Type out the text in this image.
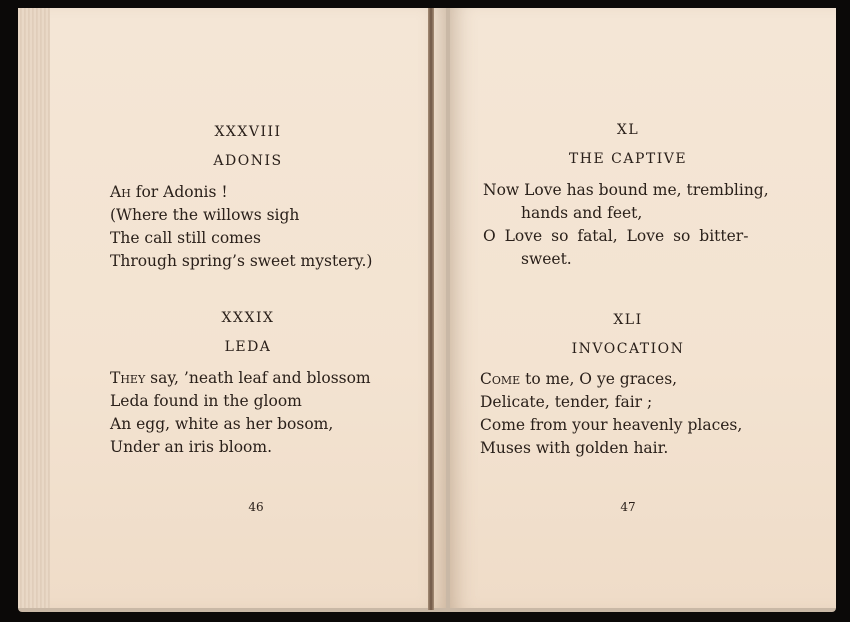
XXXVIII

ADONIS

Ah for Adonis !
(Where the willows sigh
The call still comes
Through spring’s sweet mystery.)

XXXIX

LEDA

They say, ’neath leaf and blossom
Leda found in the gloom
An egg, white as her bosom,
Under an iris bloom.
46

XL

THE CAPTIVE

Now Love has bound me, trembling,
hands and feet,
O Love so fatal, Love so bitter-
sweet.

XLI

INVOCATION

Come to me, O ye graces,
Delicate, tender, fair ;
Come from your heavenly places,
Muses with golden hair.
47
